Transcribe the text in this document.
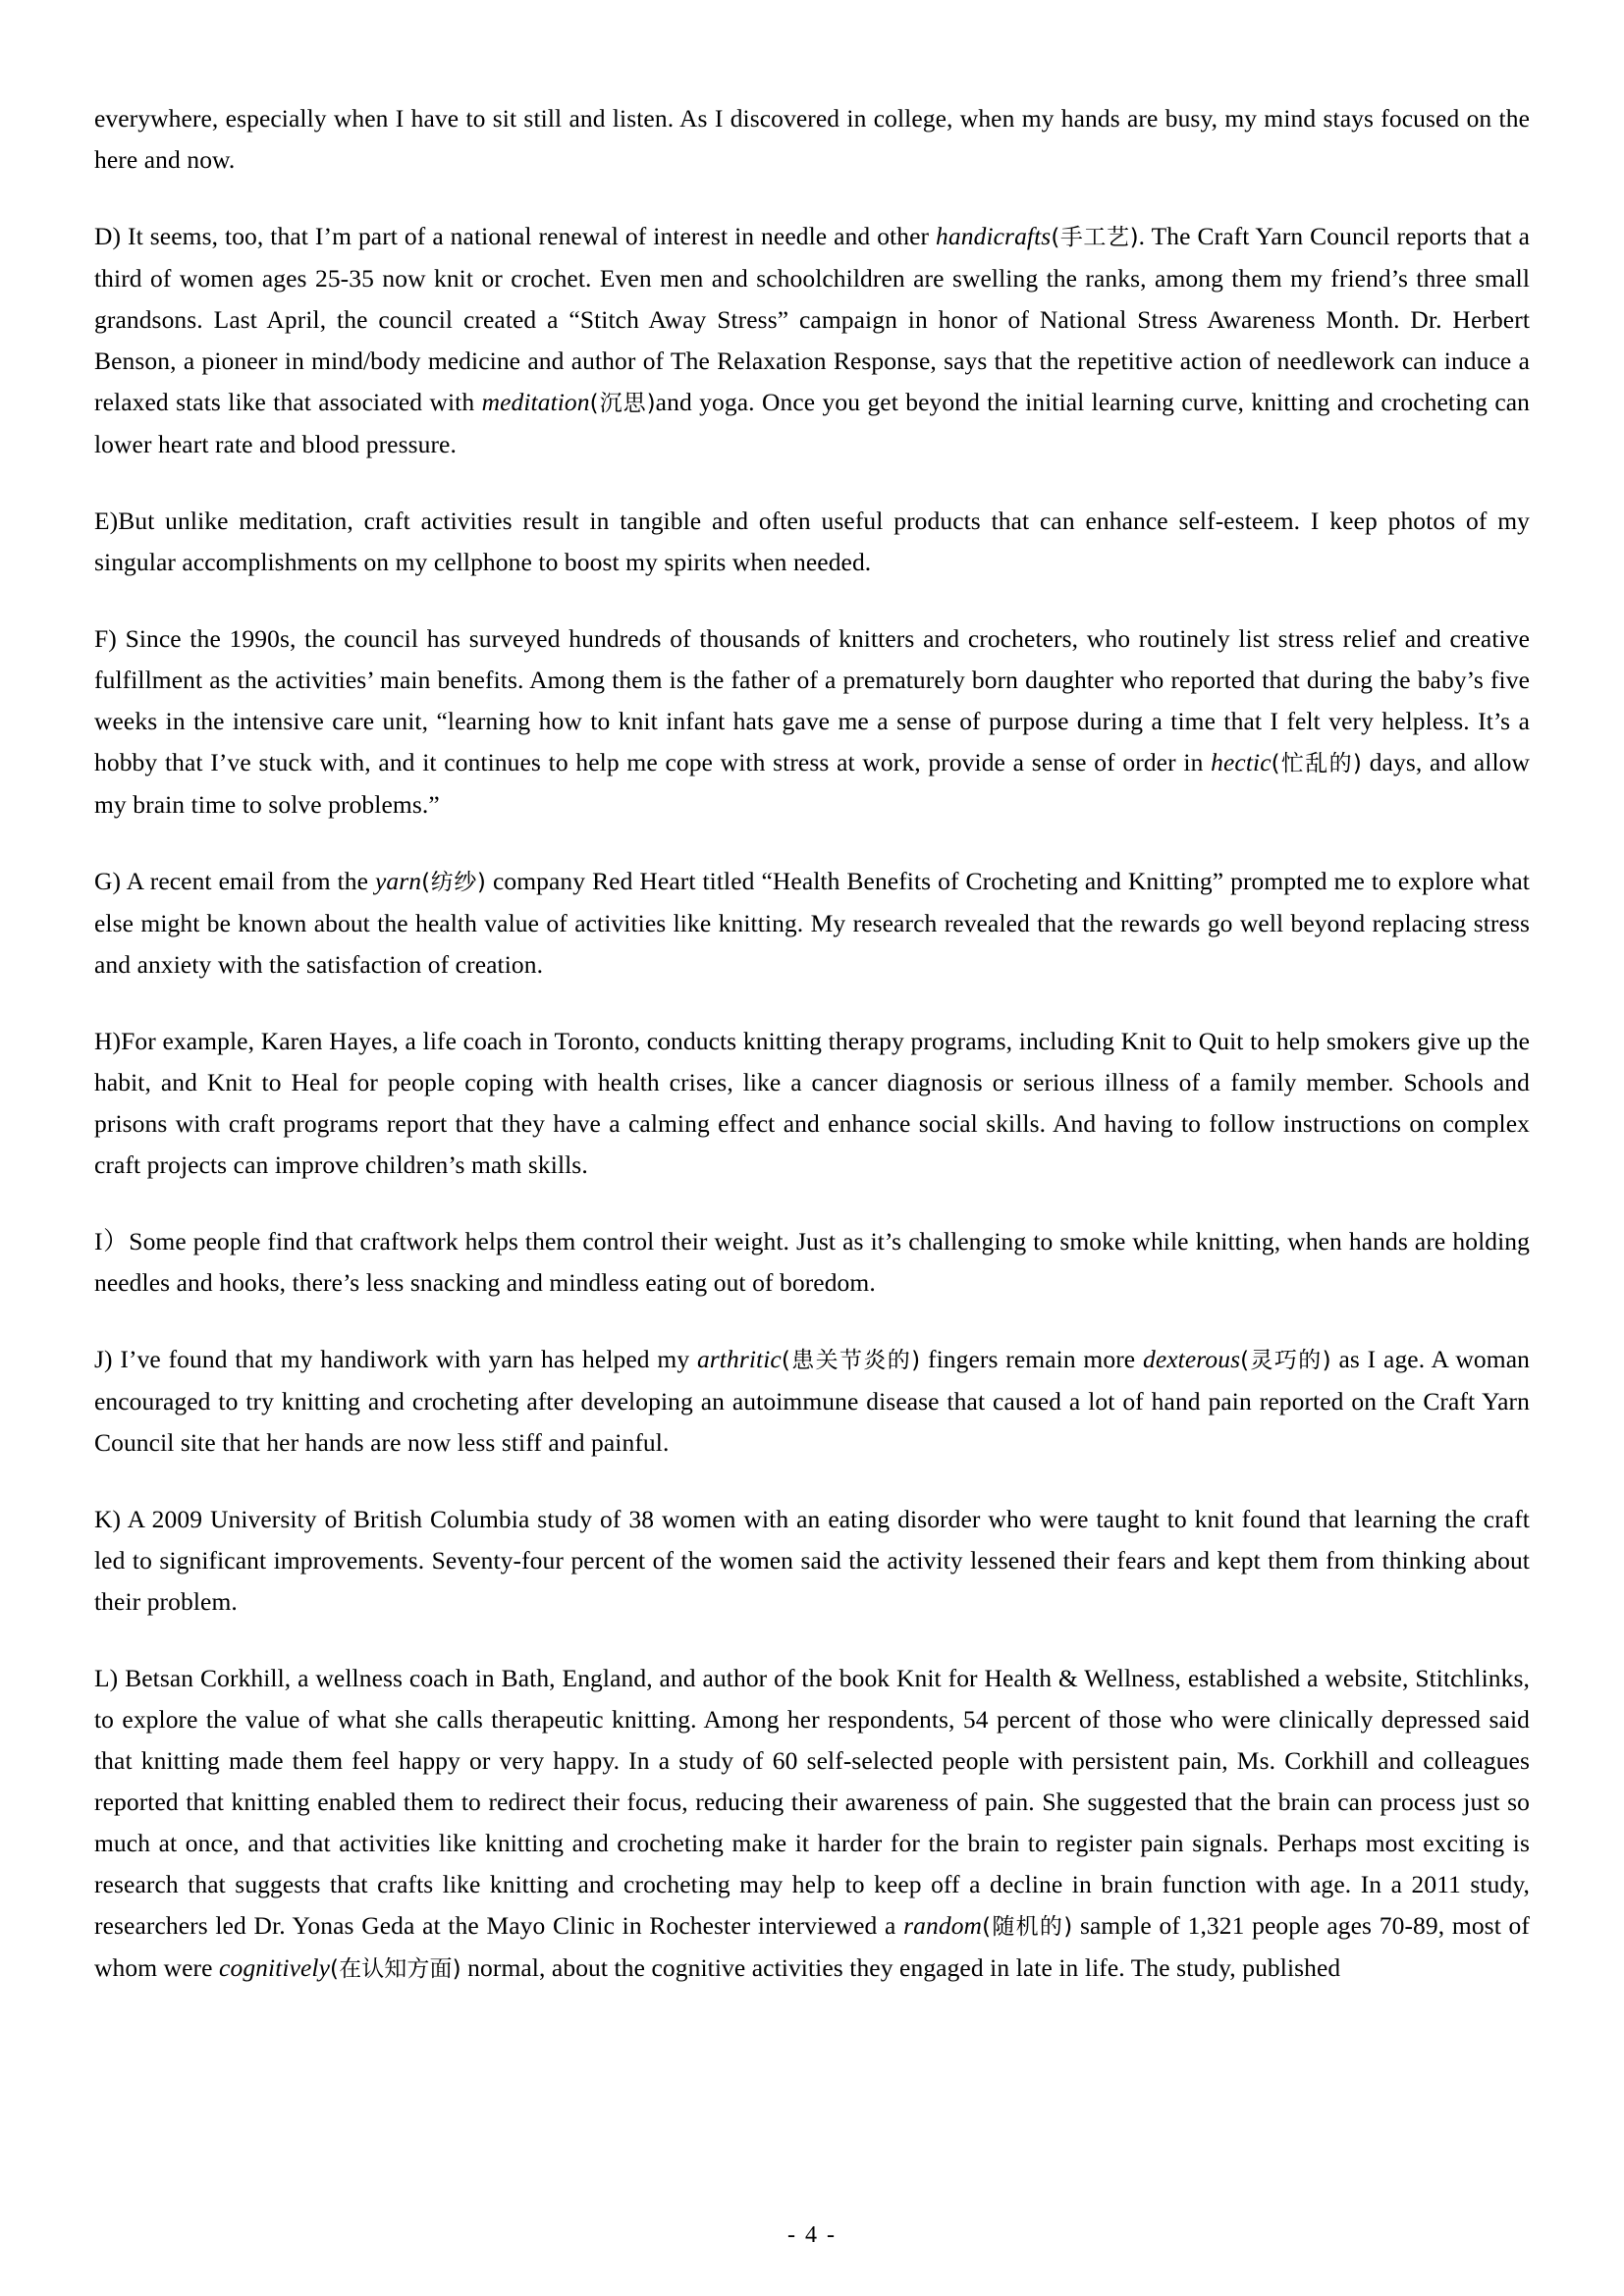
everywhere, especially when I have to sit still and listen. As I discovered in college, when my hands are busy, my mind stays focused on the here and now.

D) It seems, too, that I’m part of a national renewal of interest in needle and other handicrafts(手工艺). The Craft Yarn Council reports that a third of women ages 25-35 now knit or crochet. Even men and schoolchildren are swelling the ranks, among them my friend’s three small grandsons. Last April, the council created a “Stitch Away Stress” campaign in honor of National Stress Awareness Month. Dr. Herbert Benson, a pioneer in mind/body medicine and author of The Relaxation Response, says that the repetitive action of needlework can induce a relaxed stats like that associated with meditation(沉思)and yoga. Once you get beyond the initial learning curve, knitting and crocheting can lower heart rate and blood pressure.

E)But unlike meditation, craft activities result in tangible and often useful products that can enhance self-esteem. I keep photos of my singular accomplishments on my cellphone to boost my spirits when needed.

F) Since the 1990s, the council has surveyed hundreds of thousands of knitters and crocheters, who routinely list stress relief and creative fulfillment as the activities’ main benefits. Among them is the father of a prematurely born daughter who reported that during the baby’s five weeks in the intensive care unit, “learning how to knit infant hats gave me a sense of purpose during a time that I felt very helpless. It’s a hobby that I’ve stuck with, and it continues to help me cope with stress at work, provide a sense of order in hectic(忙乱的) days, and allow my brain time to solve problems.”

G) A recent email from the yarn(纺纱) company Red Heart titled “Health Benefits of Crocheting and Knitting” prompted me to explore what else might be known about the health value of activities like knitting. My research revealed that the rewards go well beyond replacing stress and anxiety with the satisfaction of creation.

H)For example, Karen Hayes, a life coach in Toronto, conducts knitting therapy programs, including Knit to Quit to help smokers give up the habit, and Knit to Heal for people coping with health crises, like a cancer diagnosis or serious illness of a family member. Schools and prisons with craft programs report that they have a calming effect and enhance social skills. And having to follow instructions on complex craft projects can improve children’s math skills.

I）Some people find that craftwork helps them control their weight. Just as it’s challenging to smoke while knitting, when hands are holding needles and hooks, there’s less snacking and mindless eating out of boredom.

J) I’ve found that my handiwork with yarn has helped my arthritic(患关节炎的) fingers remain more dexterous(灵巧的) as I age. A woman encouraged to try knitting and crocheting after developing an autoimmune disease that caused a lot of hand pain reported on the Craft Yarn Council site that her hands are now less stiff and painful.

K) A 2009 University of British Columbia study of 38 women with an eating disorder who were taught to knit found that learning the craft led to significant improvements. Seventy-four percent of the women said the activity lessened their fears and kept them from thinking about their problem.

L) Betsan Corkhill, a wellness coach in Bath, England, and author of the book Knit for Health & Wellness, established a website, Stitchlinks, to explore the value of what she calls therapeutic knitting. Among her respondents, 54 percent of those who were clinically depressed said that knitting made them feel happy or very happy. In a study of 60 self-selected people with persistent pain, Ms. Corkhill and colleagues reported that knitting enabled them to redirect their focus, reducing their awareness of pain. She suggested that the brain can process just so much at once, and that activities like knitting and crocheting make it harder for the brain to register pain signals. Perhaps most exciting is research that suggests that crafts like knitting and crocheting may help to keep off a decline in brain function with age. In a 2011 study, researchers led Dr. Yonas Geda at the Mayo Clinic in Rochester interviewed a random(随机的) sample of 1,321 people ages 70-89, most of whom were cognitively(在认知方面) normal, about the cognitive activities they engaged in late in life. The study, published

- 4 -
